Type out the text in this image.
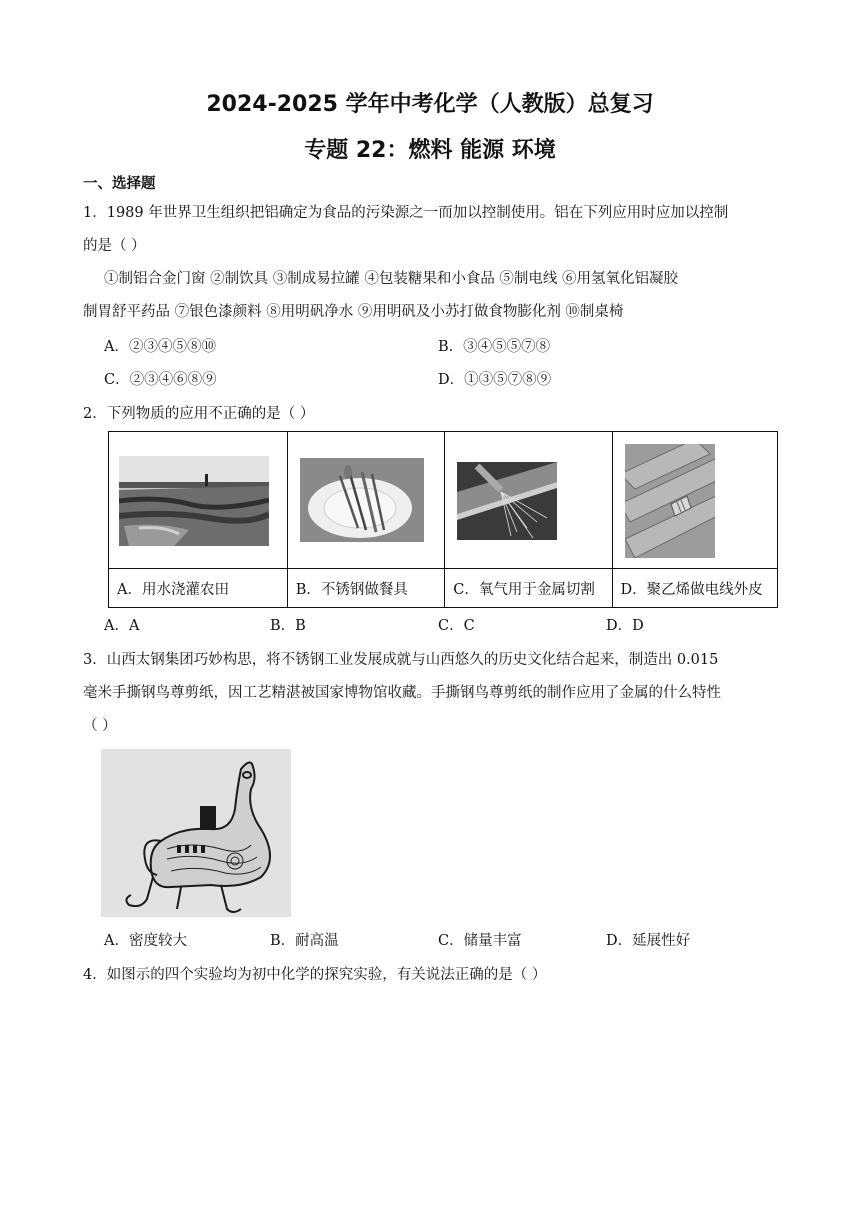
2024-2025 学年中考化学（人教版）总复习
专题 22：燃料 能源 环境
一、选择题
1．1989 年世界卫生组织把铝确定为食品的污染源之一而加以控制使用。铝在下列应用时应加以控制
的是（ ）
①制铝合金门窗 ②制饮具 ③制成易拉罐 ④包装糖果和小食品 ⑤制电线 ⑥用氢氧化铝凝胶
制胃舒平药品 ⑦银色漆颜料 ⑧用明矾净水 ⑨用明矾及小苏打做食物膨化剂 ⑩制桌椅
A．②③④⑤⑧⑩	B．③④⑤⑤⑦⑧
C．②③④⑥⑧⑨	D．①③⑤⑦⑧⑨
2．下列物质的应用不正确的是（ ）

A．用水浇灌农田	B．不锈钢做餐具	C．氧气用于金属切割	D．聚乙烯做电线外皮
A．A	B．B	C．C	D．D
3．山西太钢集团巧妙构思，将不锈钢工业发展成就与山西悠久的历史文化结合起来，制造出 0.015
毫米手撕钢鸟尊剪纸，因工艺精湛被国家博物馆收藏。手撕钢鸟尊剪纸的制作应用了金属的什么特性
（ ）
A．密度较大	B．耐高温	C．储量丰富	D．延展性好
4．如图示的四个实验均为初中化学的探究实验，有关说法正确的是（ ）
